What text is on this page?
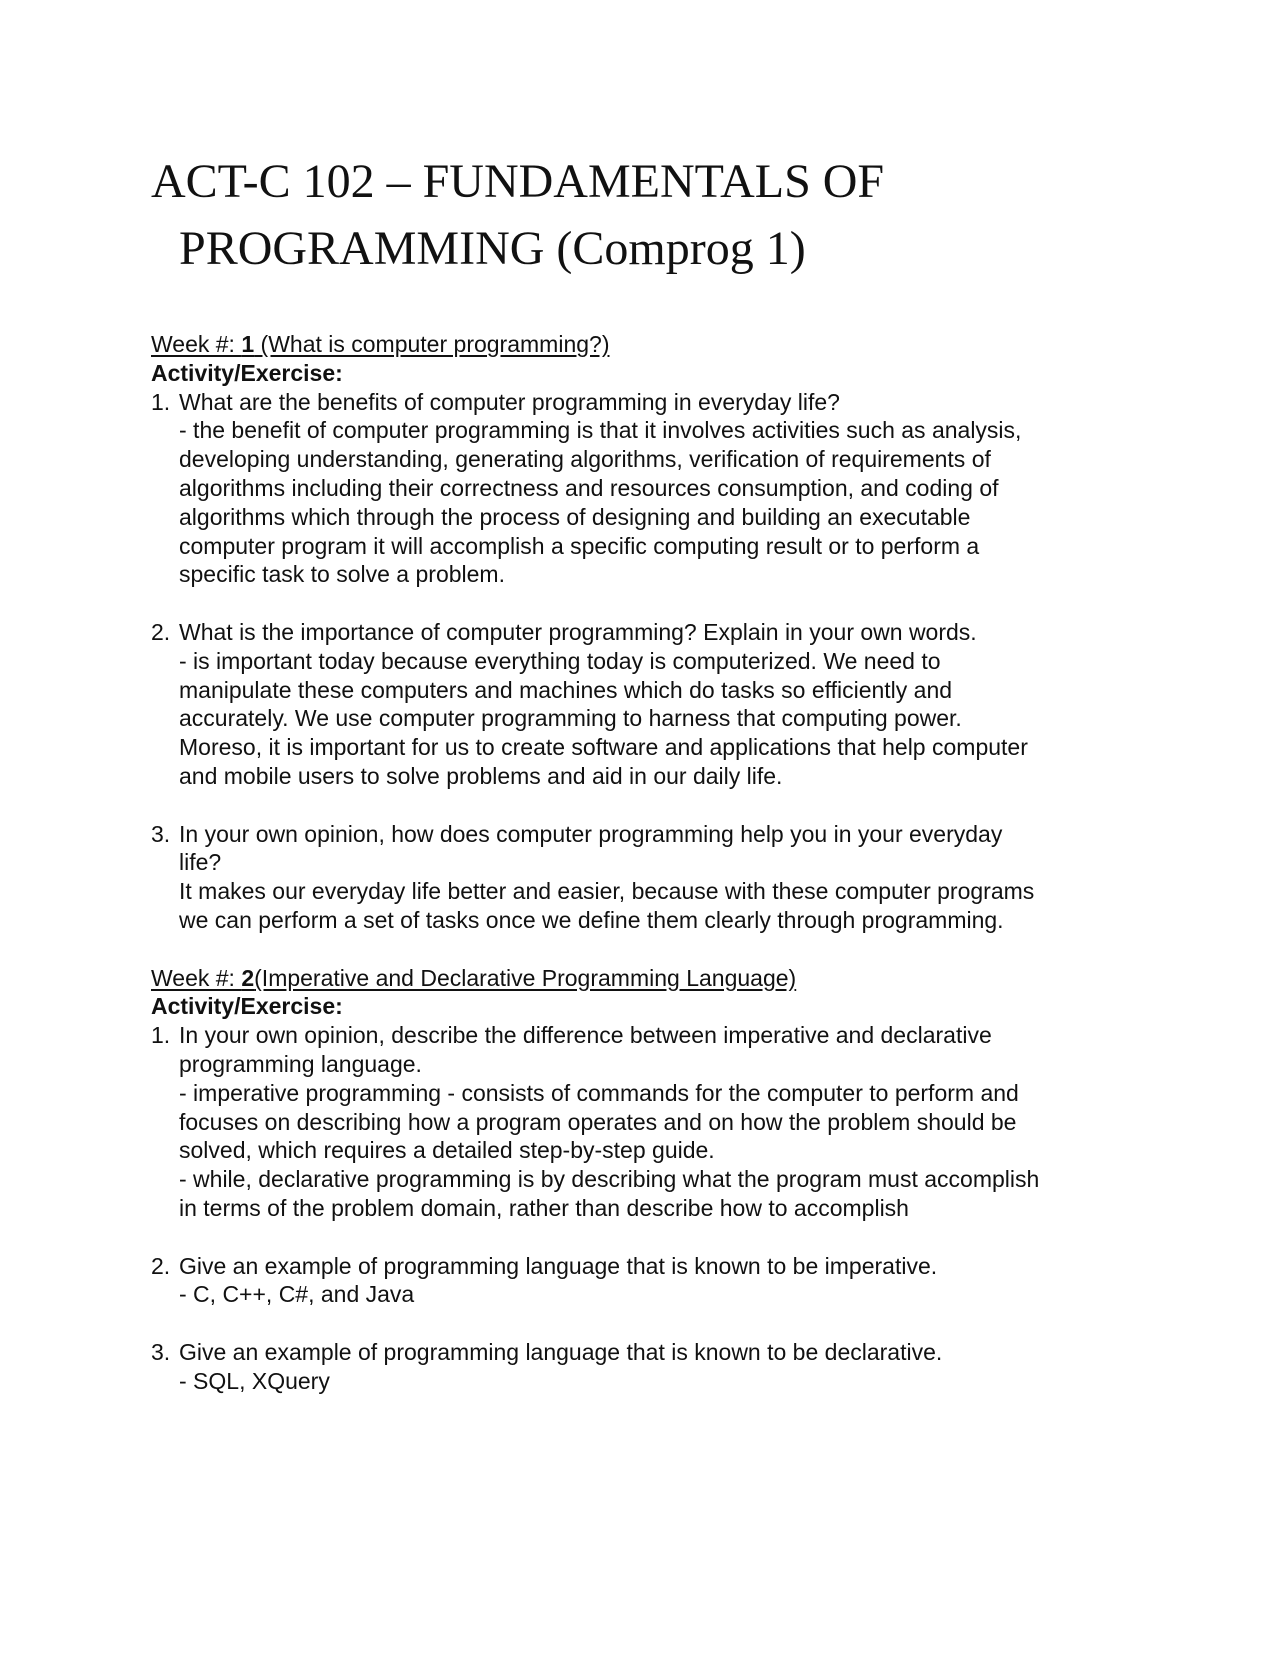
ACT-C 102 – FUNDAMENTALS OF
PROGRAMMING (Comprog 1)
Week #: 1 (What is computer programming?)
Activity/Exercise:
1. What are the benefits of computer programming in everyday life?
- the benefit of computer programming is that it involves activities such as analysis,
developing understanding, generating algorithms, verification of requirements of
algorithms including their correctness and resources consumption, and coding of
algorithms which through the process of designing and building an executable
computer program it will accomplish a specific computing result or to perform a
specific task to solve a problem.
2. What is the importance of computer programming? Explain in your own words.
- is important today because everything today is computerized. We need to
manipulate these computers and machines which do tasks so efficiently and
accurately. We use computer programming to harness that computing power.
Moreso, it is important for us to create software and applications that help computer
and mobile users to solve problems and aid in our daily life.
3. In your own opinion, how does computer programming help you in your everyday
life?
It makes our everyday life better and easier, because with these computer programs
we can perform a set of tasks once we define them clearly through programming.
Week #: 2(Imperative and Declarative Programming Language)
Activity/Exercise:
1. In your own opinion, describe the difference between imperative and declarative
programming language.
- imperative programming - consists of commands for the computer to perform and
focuses on describing how a program operates and on how the problem should be
solved, which requires a detailed step-by-step guide.
- while, declarative programming is by describing what the program must accomplish
in terms of the problem domain, rather than describe how to accomplish
2. Give an example of programming language that is known to be imperative.
- C, C++, C#, and Java
3. Give an example of programming language that is known to be declarative.
- SQL, XQuery
